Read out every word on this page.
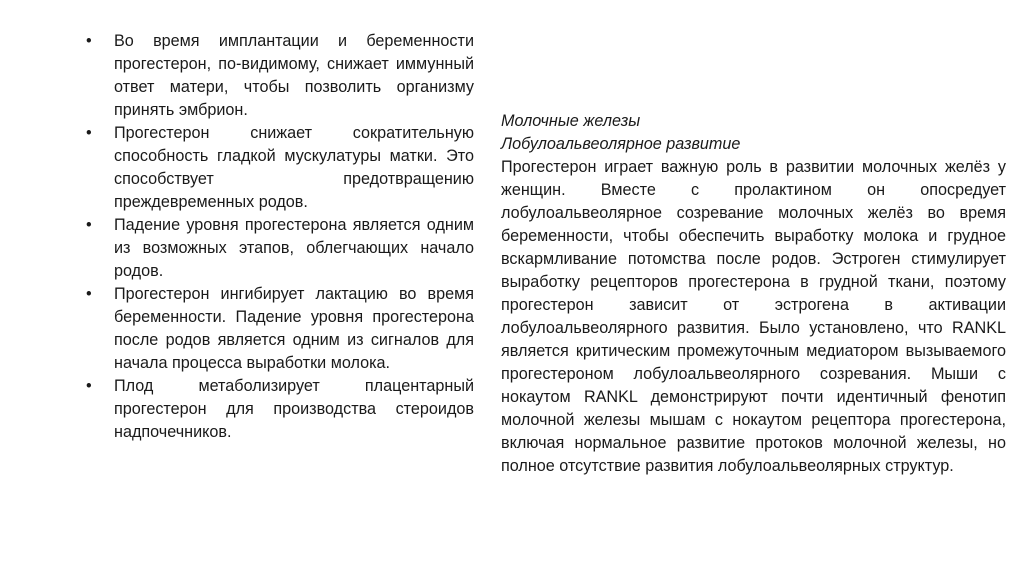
•	Во время имплантации и беременности прогестерон, по-видимому, снижает иммунный ответ матери, чтобы позволить организму принять эмбрион.
•	Прогестерон снижает сократительную способность гладкой мускулатуры матки. Это способствует предотвращению преждевременных родов.
•	Падение уровня прогестерона является одним из возможных этапов, облегчающих начало родов.
•	Прогестерон ингибирует лактацию во время беременности. Падение уровня прогестерона после родов является одним из сигналов для начала процесса выработки молока.
•	Плод метаболизирует плацентарный прогестерон для производства стероидов надпочечников.
Молочные железы
Лобулоальвеолярное развитие
Прогестерон играет важную роль в развитии молочных желёз у женщин. Вместе с пролактином он опосредует лобулоальвеолярное созревание молочных желёз во время беременности, чтобы обеспечить выработку молока и грудное вскармливание потомства после родов. Эстроген стимулирует выработку рецепторов прогестерона в грудной ткани, поэтому прогестерон зависит от эстрогена в активации лобулоальвеолярного развития. Было установлено, что RANKL является критическим промежуточным медиатором вызываемого прогестероном лобулоальвеолярного созревания. Мыши с нокаутом RANKL демонстрируют почти идентичный фенотип молочной железы мышам с нокаутом рецептора прогестерона, включая нормальное развитие протоков молочной железы, но полное отсутствие развития лобулоальвеолярных структур.
